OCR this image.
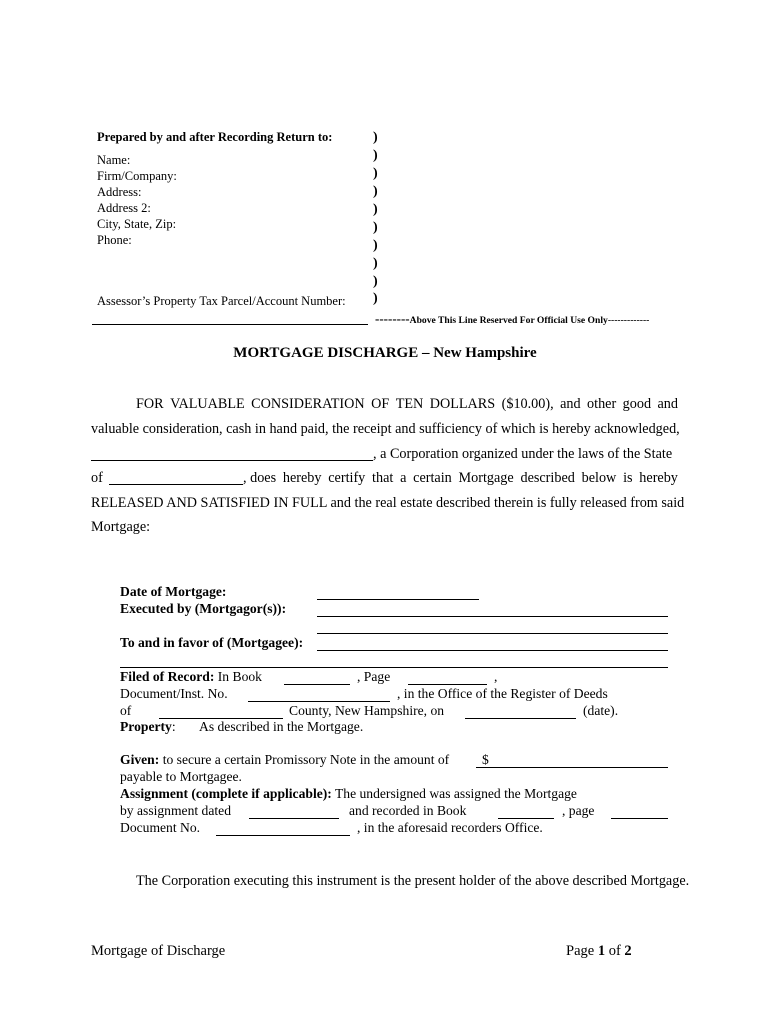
Prepared by and after Recording Return to:
Name:
Firm/Company:
Address:
Address 2:
City, State, Zip:
Phone:
Assessor’s Property Tax Parcel/Account Number:
)
)
)
)
)
)
)
)
)
)
--------Above This Line Reserved For Official Use Only-------------
MORTGAGE DISCHARGE – New Hampshire
FOR VALUABLE CONSIDERATION OF TEN DOLLARS ($10.00), and other good and
valuable consideration, cash in hand paid, the receipt and sufficiency of which is hereby acknowledged,
, a Corporation organized under the laws of the State
of	, does hereby certify that a certain Mortgage described below is hereby
RELEASED AND SATISFIED IN FULL and the real estate described therein is fully released from said
Mortgage:
Date of Mortgage:
Executed by (Mortgagor(s)):
To and in favor of (Mortgagee):
Filed of Record: In Book	, Page	,
Document/Inst. No.	, in the Office of the Register of Deeds
of	County, New Hampshire, on	(date).
Property: As described in the Mortgage.
Given: to secure a certain Promissory Note in the amount of $
payable to Mortgagee.
Assignment (complete if applicable): The undersigned was assigned the Mortgage
by assignment dated	and recorded in Book	, page
Document No.	, in the aforesaid recorders Office.
The Corporation executing this instrument is the present holder of the above described Mortgage.
Mortgage of Discharge	Page 1 of 2
